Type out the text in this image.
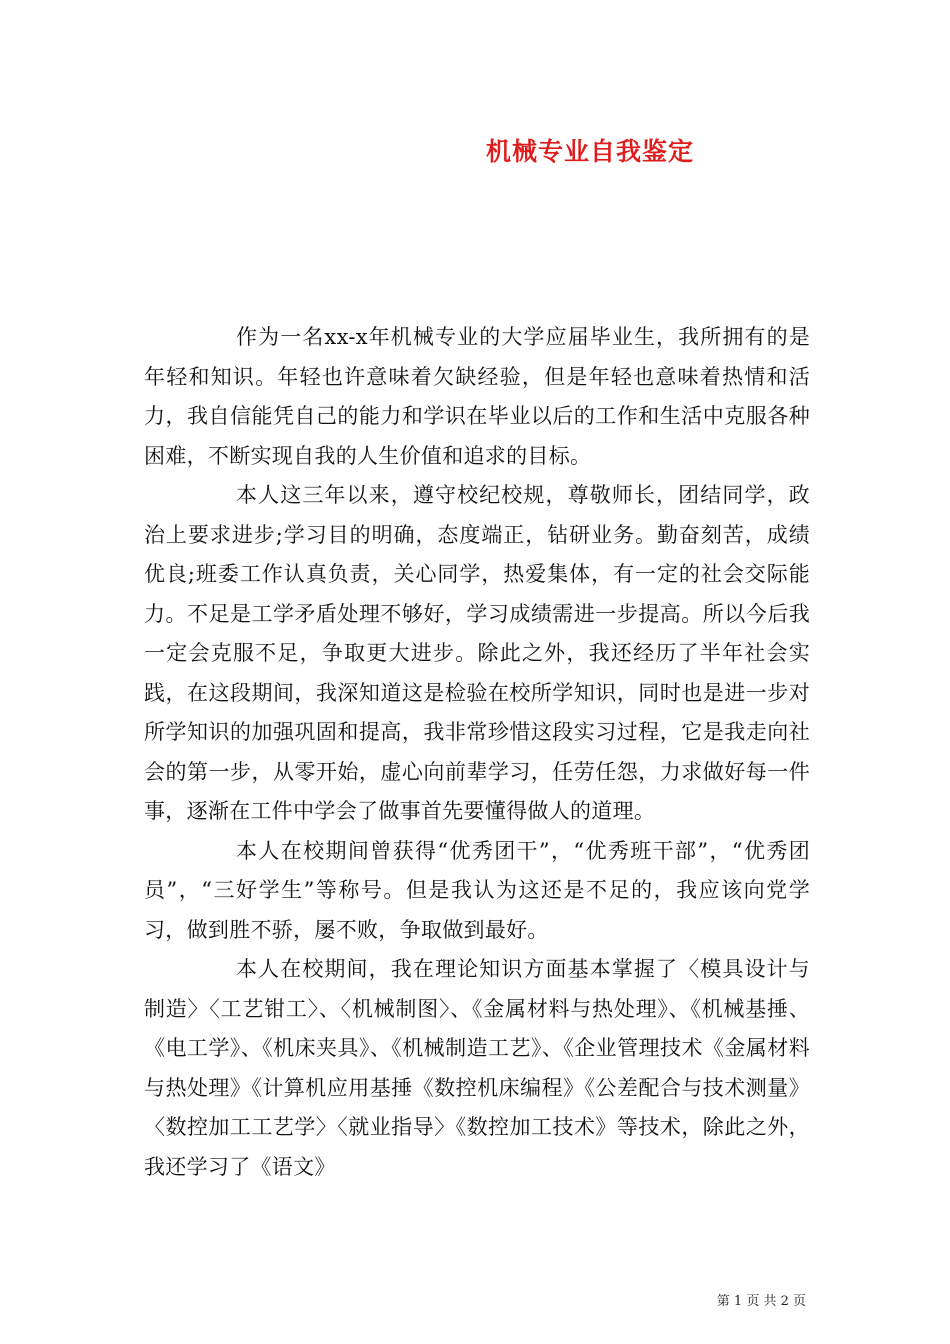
机械专业自我鉴定

作为一名xx-x年机械专业的大学应届毕业生，我所拥有的是年轻和知识。年轻也许意味着欠缺经验，但是年轻也意味着热情和活力，我自信能凭自己的能力和学识在毕业以后的工作和生活中克服各种困难，不断实现自我的人生价值和追求的目标。

本人这三年以来，遵守校纪校规，尊敬师长，团结同学，政治上要求进步;学习目的明确，态度端正，钻研业务。勤奋刻苦，成绩优良;班委工作认真负责，关心同学，热爱集体，有一定的社会交际能力。不足是工学矛盾处理不够好，学习成绩需进一步提高。所以今后我一定会克服不足，争取更大进步。除此之外，我还经历了半年社会实践，在这段期间，我深知道这是检验在校所学知识，同时也是进一步对所学知识的加强巩固和提高，我非常珍惜这段实习过程，它是我走向社会的第一步，从零开始，虚心向前辈学习，任劳任怨，力求做好每一件事，逐渐在工件中学会了做事首先要懂得做人的道理。

本人在校期间曾获得“优秀团干”，“优秀班干部”，“优秀团员”，“三好学生”等称号。但是我认为这还是不足的，我应该向党学习，做到胜不骄，屡不败，争取做到最好。

本人在校期间，我在理论知识方面基本掌握了〈模具设计与制造〉〈工艺钳工〉、〈机械制图〉、《金属材料与热处理》、《机械基捶、《电工学》、《机床夹具》、《机械制造工艺》、《企业管理技术《金属材料与热处理》《计算机应用基捶《数控机床编程》《公差配合与技术测量》〈数控加工工艺学〉〈就业指导〉《数控加工技术》等技术，除此之外，我还学习了《语文》

第 1 页 共 2 页
